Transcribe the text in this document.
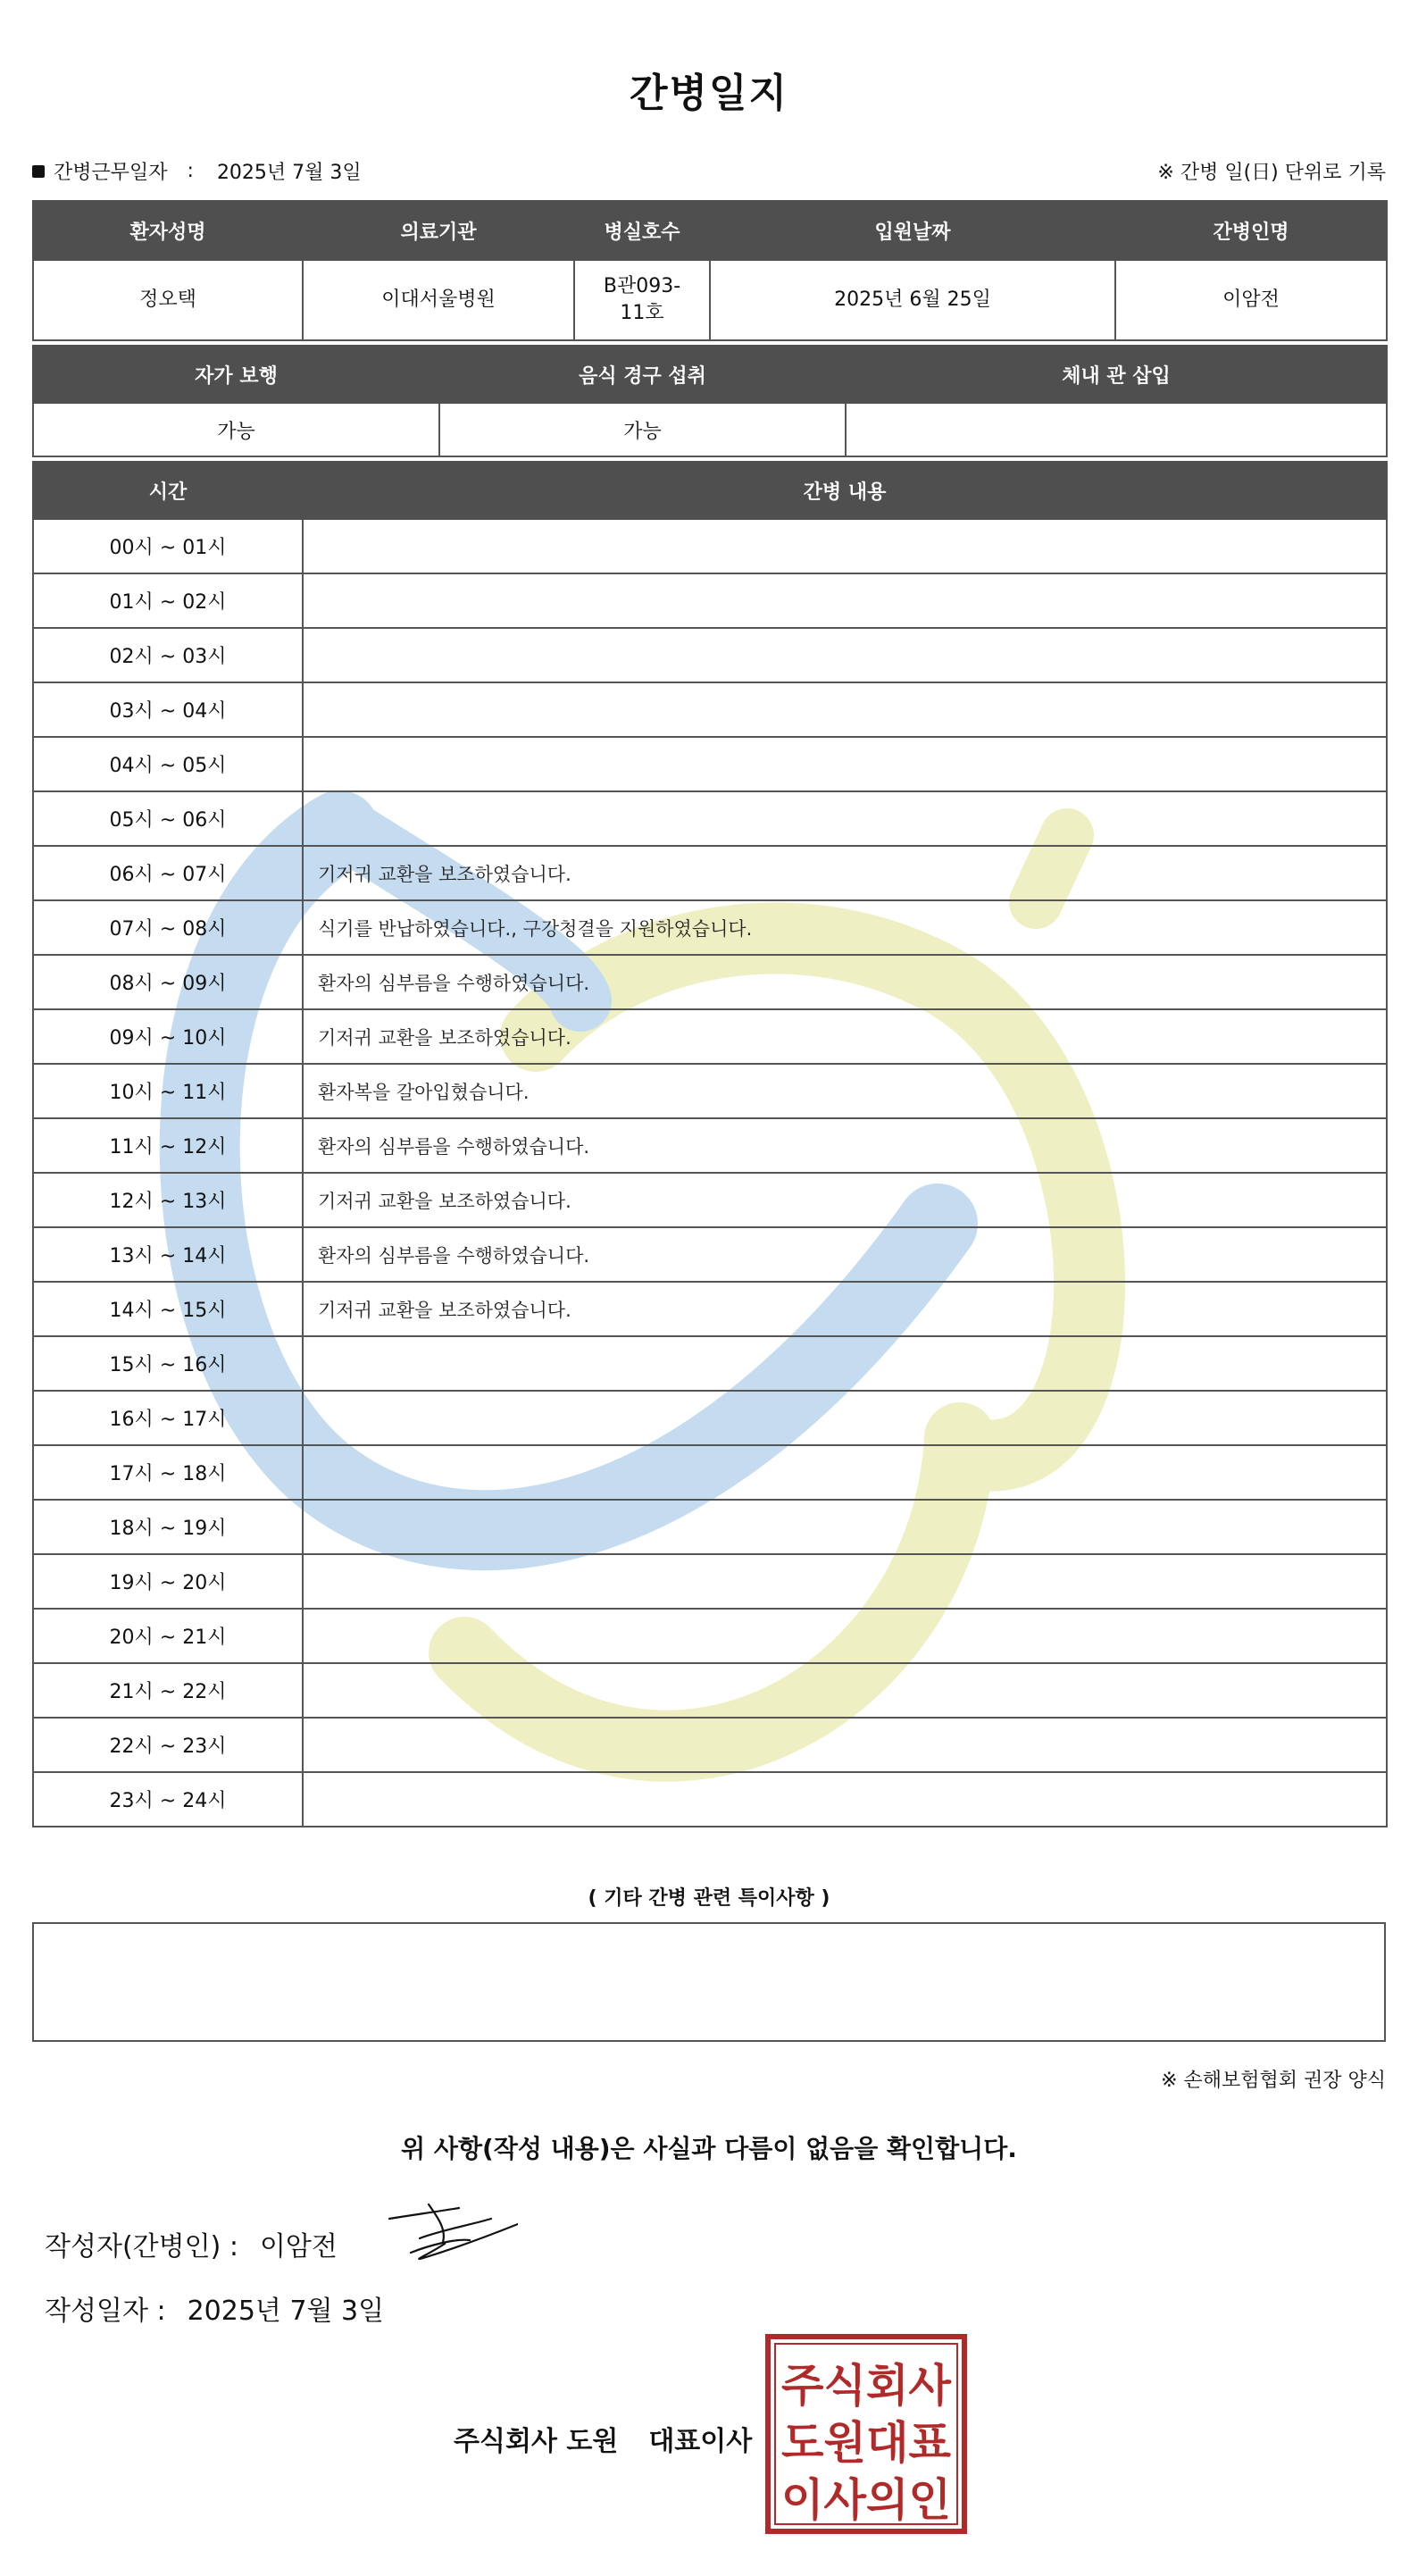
간병일지
간병근무일자 : 2025년 7월 3일	※ 간병 일(日) 단위로 기록
환자성명	의료기관	병실호수	입원날짜	간병인명
정오택	이대서울병원	B관093-11호	2025년 6월 25일	이암전
자가 보행	음식 경구 섭취	체내 관 삽입
가능	가능	
시간	간병 내용
00시 ~ 01시	
01시 ~ 02시	
02시 ~ 03시	
03시 ~ 04시	
04시 ~ 05시	
05시 ~ 06시	
06시 ~ 07시	기저귀 교환을 보조하였습니다.
07시 ~ 08시	식기를 반납하였습니다., 구강청결을 지원하였습니다.
08시 ~ 09시	환자의 심부름을 수행하였습니다.
09시 ~ 10시	기저귀 교환을 보조하였습니다.
10시 ~ 11시	환자복을 갈아입혔습니다.
11시 ~ 12시	환자의 심부름을 수행하였습니다.
12시 ~ 13시	기저귀 교환을 보조하였습니다.
13시 ~ 14시	환자의 심부름을 수행하였습니다.
14시 ~ 15시	기저귀 교환을 보조하였습니다.
15시 ~ 16시	
16시 ~ 17시	
17시 ~ 18시	
18시 ~ 19시	
19시 ~ 20시	
20시 ~ 21시	
21시 ~ 22시	
22시 ~ 23시	
23시 ~ 24시	
( 기타 간병 관련 특이사항 )
※ 손해보험협회 권장 양식
위 사항(작성 내용)은 사실과 다름이 없음을 확인합니다.
작성자(간병인) : 이암전
작성일자 : 2025년 7월 3일
주식회사 도원 대표이사
주식회사
도원대표
이사의인
